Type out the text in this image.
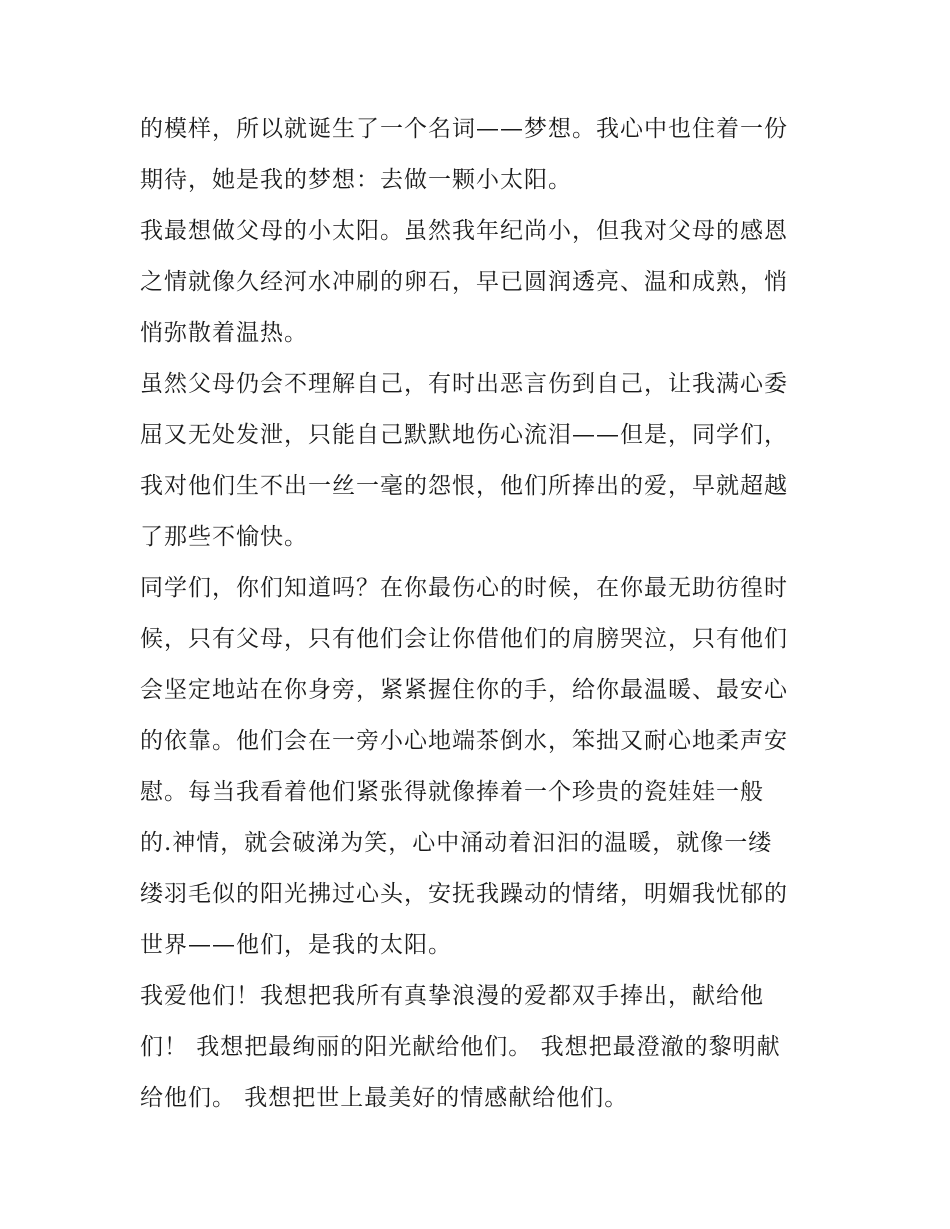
的模样，所以就诞生了一个名词——梦想。我心中也住着一份
期待，她是我的梦想：去做一颗小太阳。
我最想做父母的小太阳。虽然我年纪尚小，但我对父母的感恩
之情就像久经河水冲刷的卵石，早已圆润透亮、温和成熟，悄
悄弥散着温热。
虽然父母仍会不理解自己，有时出恶言伤到自己，让我满心委
屈又无处发泄，只能自己默默地伤心流泪——但是，同学们，
我对他们生不出一丝一毫的怨恨，他们所捧出的爱，早就超越
了那些不愉快。
同学们，你们知道吗？在你最伤心的时候，在你最无助彷徨时
候，只有父母，只有他们会让你借他们的肩膀哭泣，只有他们
会坚定地站在你身旁，紧紧握住你的手，给你最温暖、最安心
的依靠。他们会在一旁小心地端茶倒水，笨拙又耐心地柔声安
慰。每当我看着他们紧张得就像捧着一个珍贵的瓷娃娃一般
的.神情，就会破涕为笑，心中涌动着汩汩的温暖，就像一缕
缕羽毛似的阳光拂过心头，安抚我躁动的情绪，明媚我忧郁的
世界——他们，是我的太阳。
我爱他们！我想把我所有真挚浪漫的爱都双手捧出，献给他
们！ 我想把最绚丽的阳光献给他们。 我想把最澄澈的黎明献
给他们。 我想把世上最美好的情感献给他们。
